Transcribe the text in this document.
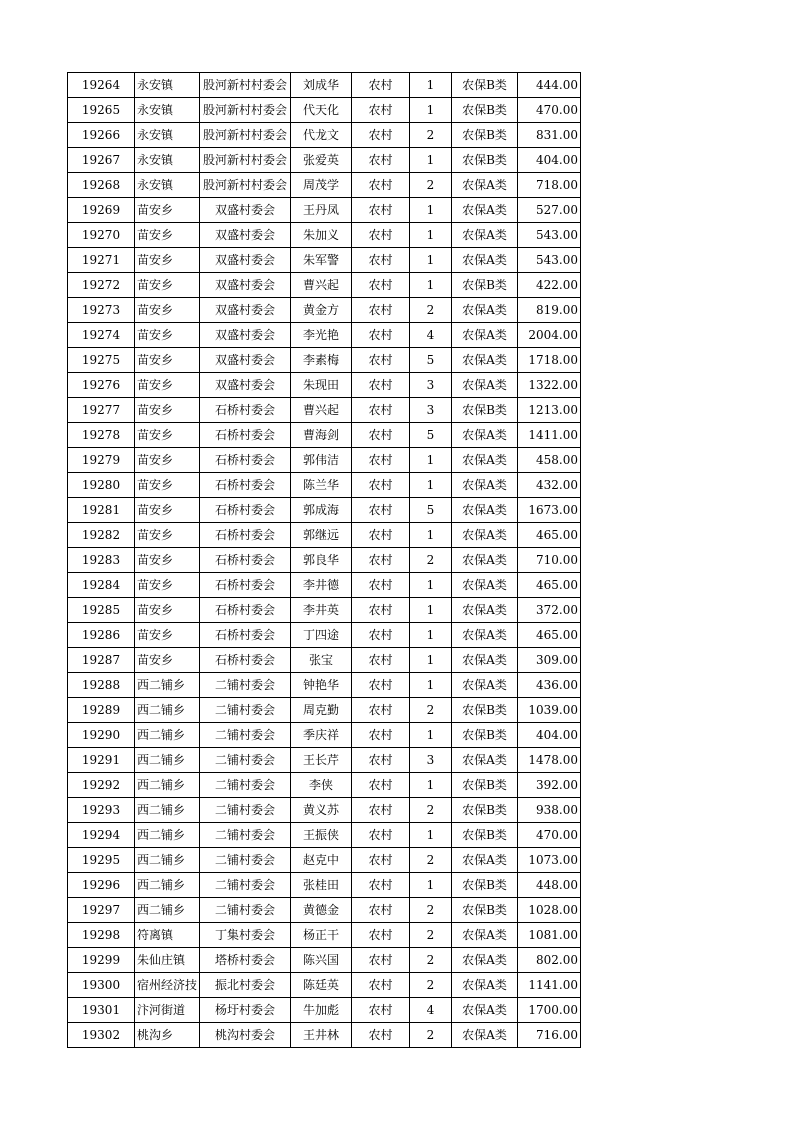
19264	永安镇	股河新村村委会	刘成华	农村	1	农保B类	444.00
19265	永安镇	股河新村村委会	代天化	农村	1	农保B类	470.00
19266	永安镇	股河新村村委会	代龙文	农村	2	农保B类	831.00
19267	永安镇	股河新村村委会	张爱英	农村	1	农保B类	404.00
19268	永安镇	股河新村村委会	周茂学	农村	2	农保A类	718.00
19269	苗安乡	双盛村委会	王丹凤	农村	1	农保A类	527.00
19270	苗安乡	双盛村委会	朱加义	农村	1	农保A类	543.00
19271	苗安乡	双盛村委会	朱军警	农村	1	农保A类	543.00
19272	苗安乡	双盛村委会	曹兴起	农村	1	农保B类	422.00
19273	苗安乡	双盛村委会	黄金方	农村	2	农保A类	819.00
19274	苗安乡	双盛村委会	李光艳	农村	4	农保A类	2004.00
19275	苗安乡	双盛村委会	李素梅	农村	5	农保A类	1718.00
19276	苗安乡	双盛村委会	朱现田	农村	3	农保A类	1322.00
19277	苗安乡	石桥村委会	曹兴起	农村	3	农保B类	1213.00
19278	苗安乡	石桥村委会	曹海剑	农村	5	农保A类	1411.00
19279	苗安乡	石桥村委会	郭伟洁	农村	1	农保A类	458.00
19280	苗安乡	石桥村委会	陈兰华	农村	1	农保A类	432.00
19281	苗安乡	石桥村委会	郭成海	农村	5	农保A类	1673.00
19282	苗安乡	石桥村委会	郭继远	农村	1	农保A类	465.00
19283	苗安乡	石桥村委会	郭良华	农村	2	农保A类	710.00
19284	苗安乡	石桥村委会	李井德	农村	1	农保A类	465.00
19285	苗安乡	石桥村委会	李井英	农村	1	农保A类	372.00
19286	苗安乡	石桥村委会	丁四途	农村	1	农保A类	465.00
19287	苗安乡	石桥村委会	张宝	农村	1	农保A类	309.00
19288	西二铺乡	二铺村委会	钟艳华	农村	1	农保A类	436.00
19289	西二铺乡	二铺村委会	周克勤	农村	2	农保B类	1039.00
19290	西二铺乡	二铺村委会	季庆祥	农村	1	农保B类	404.00
19291	西二铺乡	二铺村委会	王长芹	农村	3	农保A类	1478.00
19292	西二铺乡	二铺村委会	李侠	农村	1	农保B类	392.00
19293	西二铺乡	二铺村委会	黄义苏	农村	2	农保B类	938.00
19294	西二铺乡	二铺村委会	王振侠	农村	1	农保B类	470.00
19295	西二铺乡	二铺村委会	赵克中	农村	2	农保A类	1073.00
19296	西二铺乡	二铺村委会	张桂田	农村	1	农保B类	448.00
19297	西二铺乡	二铺村委会	黄德金	农村	2	农保B类	1028.00
19298	符离镇	丁集村委会	杨正干	农村	2	农保A类	1081.00
19299	朱仙庄镇	塔桥村委会	陈兴国	农村	2	农保A类	802.00
19300	宿州经济技	振北村委会	陈廷英	农村	2	农保A类	1141.00
19301	汴河街道	杨圩村委会	牛加彪	农村	4	农保A类	1700.00
19302	桃沟乡	桃沟村委会	王井林	农村	2	农保A类	716.00
